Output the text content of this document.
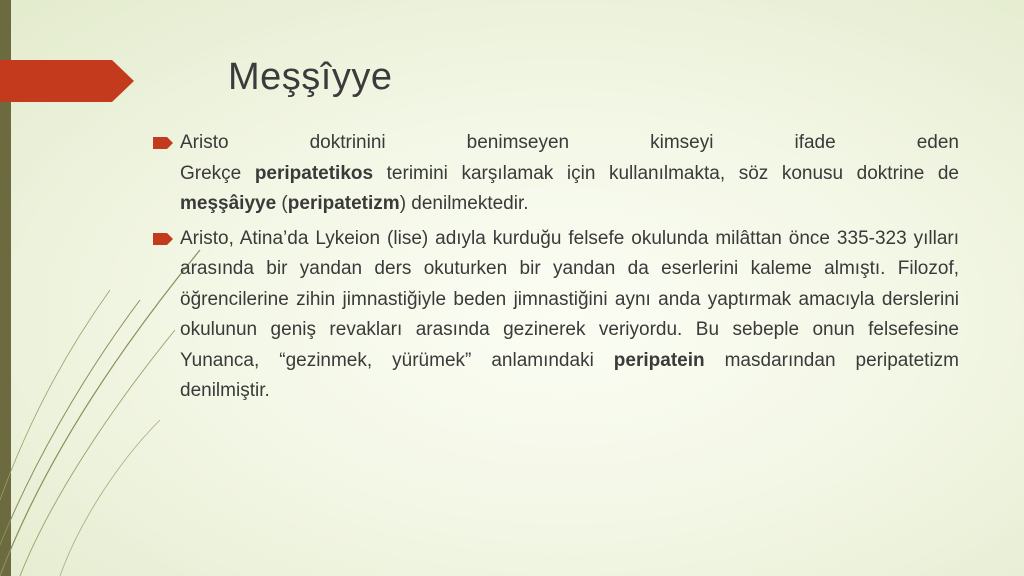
Meşşîyye

Aristo	doktrinini	benimseyen	kimseyi	ifade	eden
Grekçe peripatetikos terimini karşılamak için kullanılmakta, söz konusu doktrine de meşşâiyye (peripatetizm) denilmektedir.

Aristo, Atina’da Lykeion (lise) adıyla kurduğu felsefe okulunda milâttan önce 335-323 yılları arasında bir yandan ders okuturken bir yandan da eserlerini kaleme almıştı. Filozof, öğrencilerine zihin jimnastiğiyle beden jimnastiğini aynı anda yaptırmak amacıyla derslerini okulunun geniş revakları arasında gezinerek veriyordu. Bu sebeple onun felsefesine Yunanca, “gezinmek, yürümek” anlamındaki peripatein masdarından peripatetizm denilmiştir.
